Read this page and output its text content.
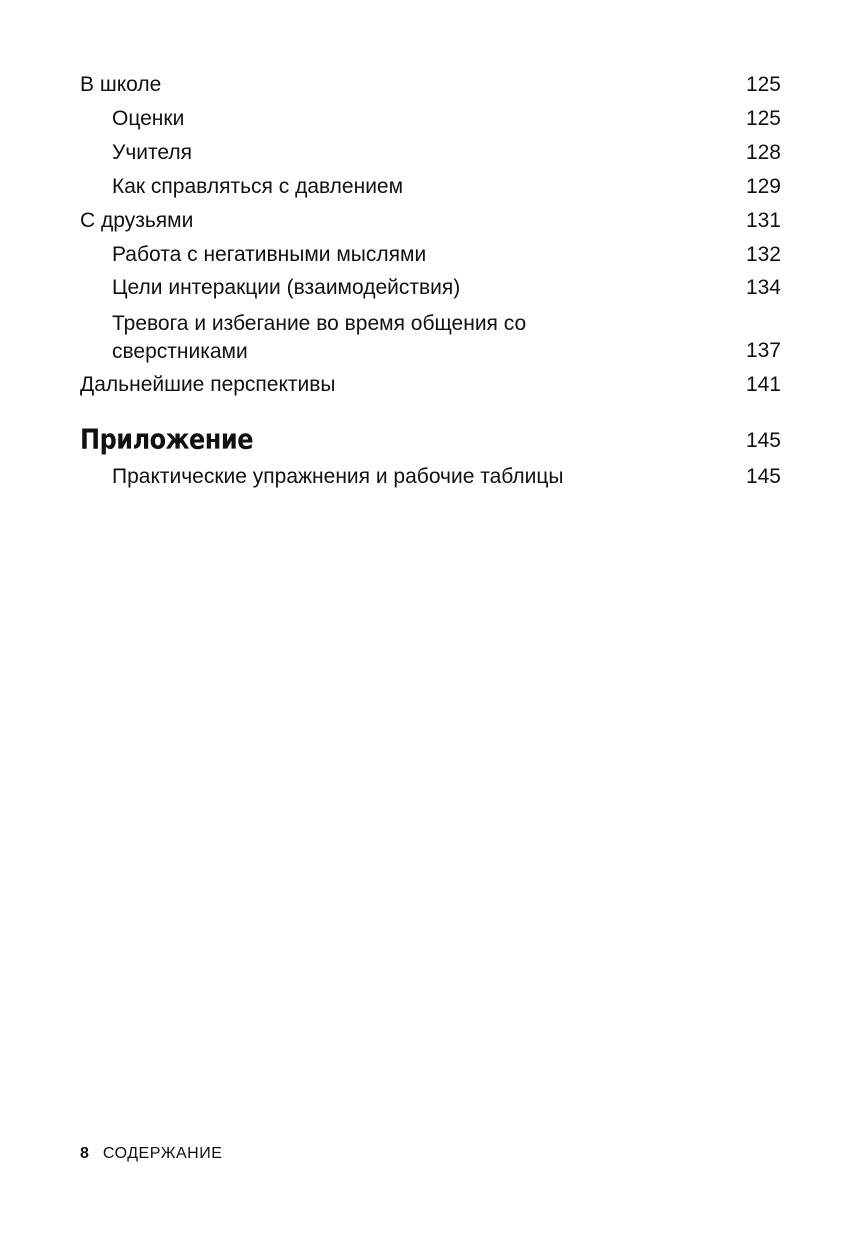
В школе	125
Оценки	125
Учителя	128
Как справляться с давлением	129
С друзьями	131
Работа с негативными мыслями	132
Цели интеракции (взаимодействия)	134
Тревога и избегание во время общения со сверстниками	137
Дальнейшие перспективы	141
Приложение	145
Практические упражнения и рабочие таблицы	145
8 СОДЕРЖАНИЕ
